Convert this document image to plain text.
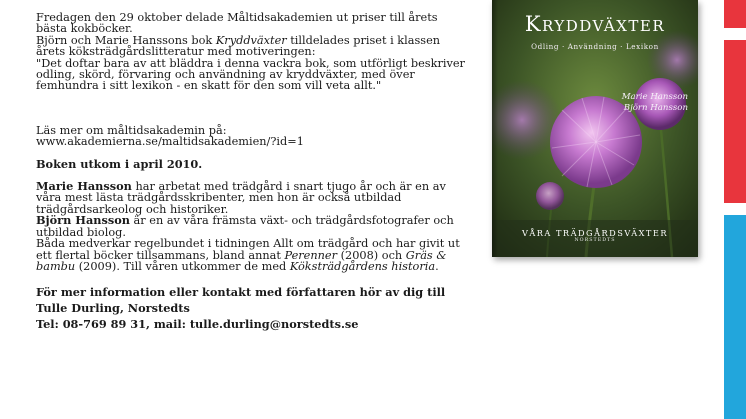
Fredagen den 29 oktober delade Måltidsakademien ut priser till årets bästa kokböcker.

Björn och Marie Hanssons bok Kryddväxter tilldelades priset i klassen årets köksträdgårdslitteratur med motiveringen:

"Det doftar bara av att bläddra i denna vackra bok, som utförligt beskriver odling, skörd, förvaring och användning av kryddväxter, med över femhundra i sitt lexikon - en skatt för den som vill veta allt."

Läs mer om måltidsakademin på:

www.akademierna.se/maltidsakademien/?id=1

Boken utkom i april 2010.

Marie Hansson har arbetat med trädgård i snart tjugo år och är en av våra mest lästa trädgårdsskribenter, men hon är också utbildad trädgårdsarkeolog och historiker.

Björn Hansson är en av våra främsta växt- och trädgårdsfotografer och utbildad biolog.

Båda medverkar regelbundet i tidningen Allt om trädgård och har givit ut ett flertal böcker tillsammans, bland annat Perenner (2008) och Gräs & bambu (2009). Till våren utkommer de med Köksträdgårdens historia.

För mer information eller kontakt med författaren hör av dig till Tulle Durling, Norstedts

Tel: 08-769 89 31, mail: tulle.durling@norstedts.se

Kryddväxter
Odling · Användning · Lexikon
Marie Hansson
Björn Hansson
VÅRA TRÄDGÅRDSVÄXTER
NORSTEDTS
